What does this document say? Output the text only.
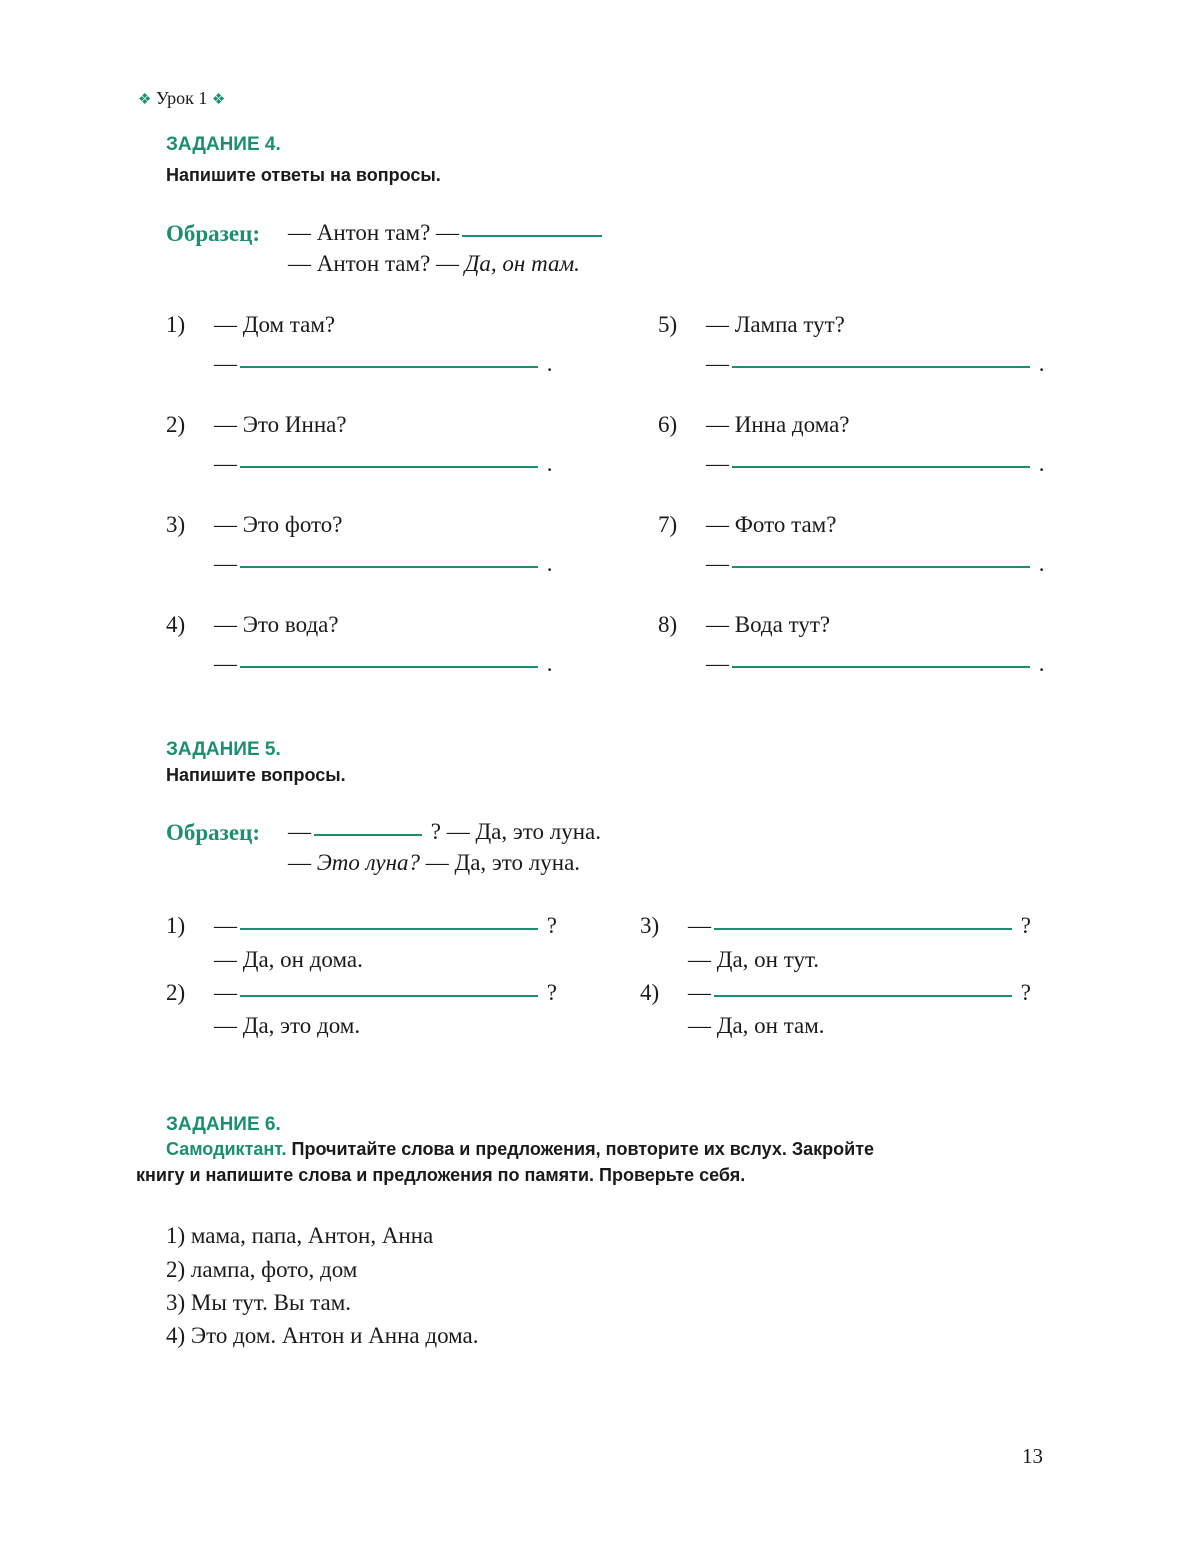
❖ Урок 1 ❖
ЗАДАНИЕ 4.
Напишите ответы на вопросы.
Образец: — Антон там? —
— Антон там? — Да, он там.
1) — Дом там?
—	.
2) — Это Инна?
—	.
3) — Это фото?
—	.
4) — Это вода?
—	.
5) — Лампа тут?
—	.
6) — Инна дома?
—	.
7) — Фото там?
—	.
8) — Вода тут?
—	.
ЗАДАНИЕ 5.
Напишите вопросы.
Образец: —	? — Да, это луна.
— Это луна? — Да, это луна.
1) —	?
— Да, он дома.
2) —	?
— Да, это дом.
3) —	?
— Да, он тут.
4) —	?
— Да, он там.
ЗАДАНИЕ 6.
Самодиктант. Прочитайте слова и предложения, повторите их вслух. Закройте
книгу и напишите слова и предложения по памяти. Проверьте себя.
1) мама, папа, Антон, Анна
2) лампа, фото, дом
3) Мы тут. Вы там.
4) Это дом. Антон и Анна дома.
13
